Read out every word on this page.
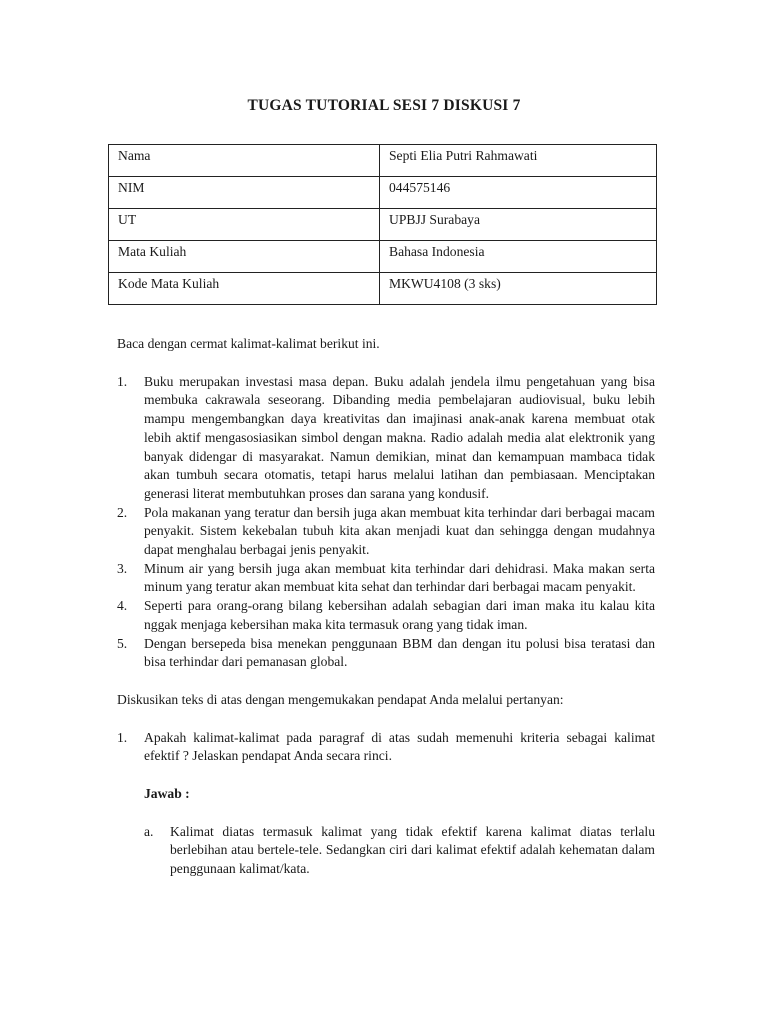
TUGAS TUTORIAL SESI 7 DISKUSI 7
Nama	Septi Elia Putri Rahmawati
NIM	044575146
UT	UPBJJ Surabaya
Mata Kuliah	Bahasa Indonesia
Kode Mata Kuliah	MKWU4108 (3 sks)

Baca dengan cermat kalimat-kalimat berikut ini.

1. Buku merupakan investasi masa depan. Buku adalah jendela ilmu pengetahuan yang bisa membuka cakrawala seseorang. Dibanding media pembelajaran audiovisual, buku lebih mampu mengembangkan daya kreativitas dan imajinasi anak-anak karena membuat otak lebih aktif mengasosiasikan simbol dengan makna. Radio adalah media alat elektronik yang banyak didengar di masyarakat. Namun demikian, minat dan kemampuan mambaca tidak akan tumbuh secara otomatis, tetapi harus melalui latihan dan pembiasaan. Menciptakan generasi literat membutuhkan proses dan sarana yang kondusif.
2. Pola makanan yang teratur dan bersih juga akan membuat kita terhindar dari berbagai macam penyakit. Sistem kekebalan tubuh kita akan menjadi kuat dan sehingga dengan mudahnya dapat menghalau berbagai jenis penyakit.
3. Minum air yang bersih juga akan membuat kita terhindar dari dehidrasi. Maka makan serta minum yang teratur akan membuat kita sehat dan terhindar dari berbagai macam penyakit.
4. Seperti para orang-orang bilang kebersihan adalah sebagian dari iman maka itu kalau kita nggak menjaga kebersihan maka kita termasuk orang yang tidak iman.
5. Dengan bersepeda bisa menekan penggunaan BBM dan dengan itu polusi bisa teratasi dan bisa terhindar dari pemanasan global.

Diskusikan teks di atas dengan mengemukakan pendapat Anda melalui pertanyan:

1. Apakah kalimat-kalimat pada paragraf di atas sudah memenuhi kriteria sebagai kalimat efektif ? Jelaskan pendapat Anda secara rinci.
Jawab :
a. Kalimat diatas termasuk kalimat yang tidak efektif karena kalimat diatas terlalu berlebihan atau bertele-tele. Sedangkan ciri dari kalimat efektif adalah kehematan dalam penggunaan kalimat/kata.
